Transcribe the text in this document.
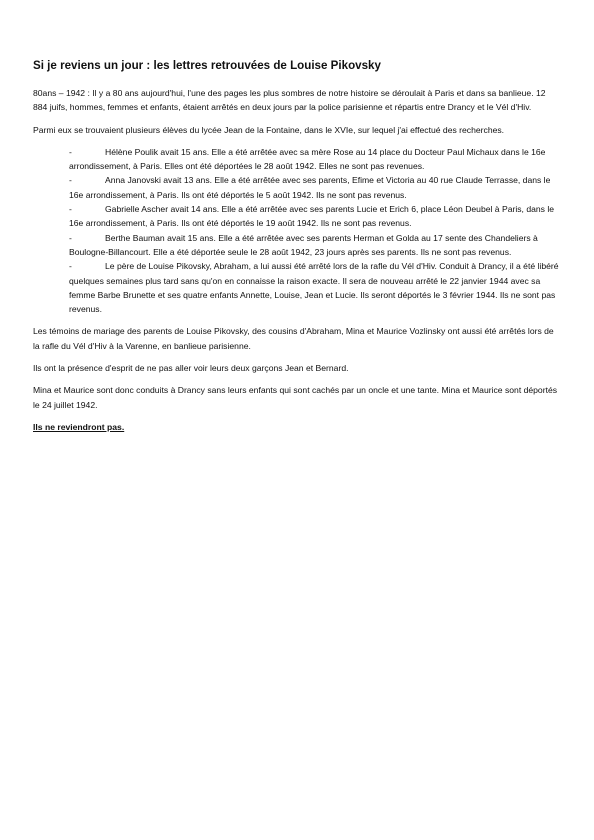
Si je reviens un jour : les lettres retrouvées de Louise Pikovsky

80ans – 1942 : Il y a 80 ans aujourd'hui, l'une des pages les plus sombres de notre histoire se déroulait à Paris et dans sa banlieue. 12 884 juifs, hommes, femmes et enfants, étaient arrêtés en deux jours par la police parisienne et répartis entre Drancy et le Vél d'Hiv.

Parmi eux se trouvaient plusieurs élèves du lycée Jean de la Fontaine, dans le XVIe, sur lequel j'ai effectué des recherches.

-	Hélène Poulik avait 15 ans. Elle a été arrêtée avec sa mère Rose au 14 place du Docteur Paul Michaux dans le 16e arrondissement, à Paris. Elles ont été déportées le 28 août 1942. Elles ne sont pas revenues.
-	Anna Janovski avait 13 ans. Elle a été arrêtée avec ses parents, Efime et Victoria au 40 rue Claude Terrasse, dans le 16e arrondissement, à Paris. Ils ont été déportés le 5 août 1942. Ils ne sont pas revenus.
-	Gabrielle Ascher avait 14 ans. Elle a été arrêtée avec ses parents Lucie et Erich 6, place Léon Deubel à Paris, dans le 16e arrondissement, à Paris. Ils ont été déportés le 19 août 1942. Ils ne sont pas revenus.
-	Berthe Bauman avait 15 ans. Elle a été arrêtée avec ses parents Herman et Golda au 17 sente des Chandeliers à Boulogne-Billancourt. Elle a été déportée seule le 28 août 1942, 23 jours après ses parents. Ils ne sont pas revenus.
-	Le père de Louise Pikovsky, Abraham, a lui aussi été arrêté lors de la rafle du Vél d'Hiv. Conduit à Drancy, il a été libéré quelques semaines plus tard sans qu'on en connaisse la raison exacte. Il sera de nouveau arrêté le 22 janvier 1944 avec sa femme Barbe Brunette et ses quatre enfants Annette, Louise, Jean et Lucie. Ils seront déportés le 3 février 1944. Ils ne sont pas revenus.

Les témoins de mariage des parents de Louise Pikovsky, des cousins d'Abraham, Mina et Maurice Vozlinsky ont aussi été arrêtés lors de la rafle du Vél d'Hiv à la Varenne, en banlieue parisienne.

Ils ont la présence d'esprit de ne pas aller voir leurs deux garçons Jean et Bernard.

Mina et Maurice sont donc conduits à Drancy sans leurs enfants qui sont cachés par un oncle et une tante. Mina et Maurice sont déportés le 24 juillet 1942.

Ils ne reviendront pas.
